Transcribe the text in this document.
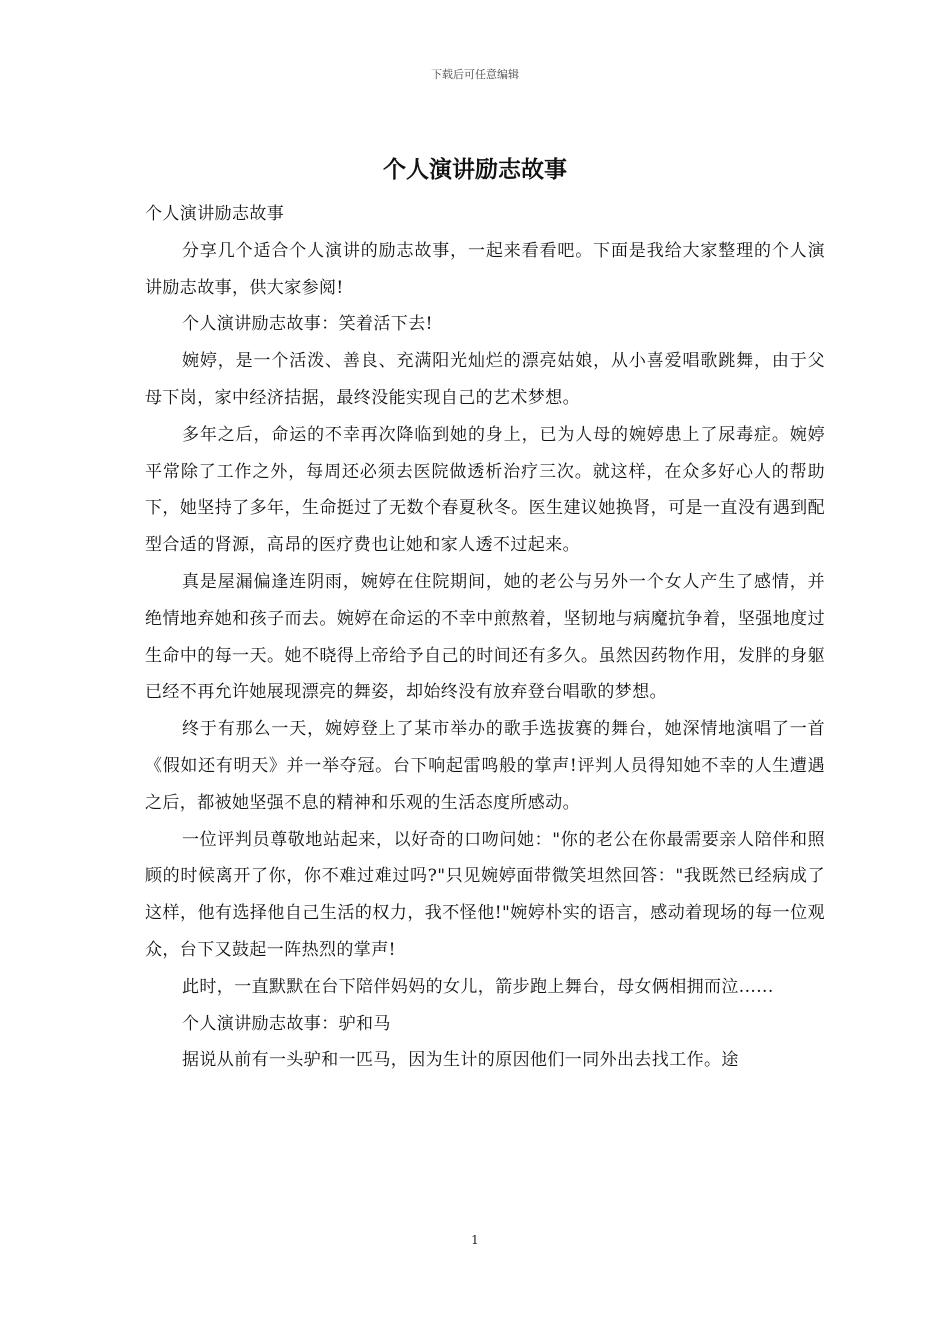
下载后可任意编辑
个人演讲励志故事

个人演讲励志故事

分享几个适合个人演讲的励志故事，一起来看看吧。下面是我给大家整理的个人演讲励志故事，供大家参阅!

个人演讲励志故事：笑着活下去!

婉婷，是一个活泼、善良、充满阳光灿烂的漂亮姑娘，从小喜爱唱歌跳舞，由于父母下岗，家中经济拮据，最终没能实现自己的艺术梦想。

多年之后，命运的不幸再次降临到她的身上，已为人母的婉婷患上了尿毒症。婉婷平常除了工作之外，每周还必须去医院做透析治疗三次。就这样，在众多好心人的帮助下，她坚持了多年，生命挺过了无数个春夏秋冬。医生建议她换肾，可是一直没有遇到配型合适的肾源，高昂的医疗费也让她和家人透不过起来。

真是屋漏偏逢连阴雨，婉婷在住院期间，她的老公与另外一个女人产生了感情，并绝情地弃她和孩子而去。婉婷在命运的不幸中煎熬着，坚韧地与病魔抗争着，坚强地度过生命中的每一天。她不晓得上帝给予自己的时间还有多久。虽然因药物作用，发胖的身躯已经不再允许她展现漂亮的舞姿，却始终没有放弃登台唱歌的梦想。

终于有那么一天，婉婷登上了某市举办的歌手选拔赛的舞台，她深情地演唱了一首《假如还有明天》并一举夺冠。台下响起雷鸣般的掌声!评判人员得知她不幸的人生遭遇之后，都被她坚强不息的精神和乐观的生活态度所感动。

一位评判员尊敬地站起来，以好奇的口吻问她："你的老公在你最需要亲人陪伴和照顾的时候离开了你，你不难过难过吗?"只见婉婷面带微笑坦然回答："我既然已经病成了这样，他有选择他自己生活的权力，我不怪他!"婉婷朴实的语言，感动着现场的每一位观众，台下又鼓起一阵热烈的掌声!

此时，一直默默在台下陪伴妈妈的女儿，箭步跑上舞台，母女俩相拥而泣......

个人演讲励志故事：驴和马

据说从前有一头驴和一匹马，因为生计的原因他们一同外出去找工作。途

1
